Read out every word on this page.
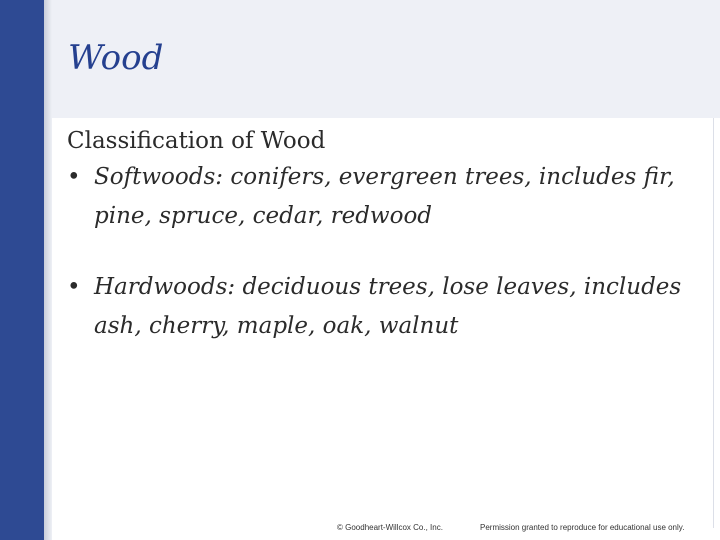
Wood

Classification of Wood

• Softwoods: conifers, evergreen trees, includes fir, pine, spruce, cedar, redwood
• Hardwoods: deciduous trees, lose leaves, includes ash, cherry, maple, oak, walnut
© Goodheart-Willcox Co., Inc.	Permission granted to reproduce for educational use only.
